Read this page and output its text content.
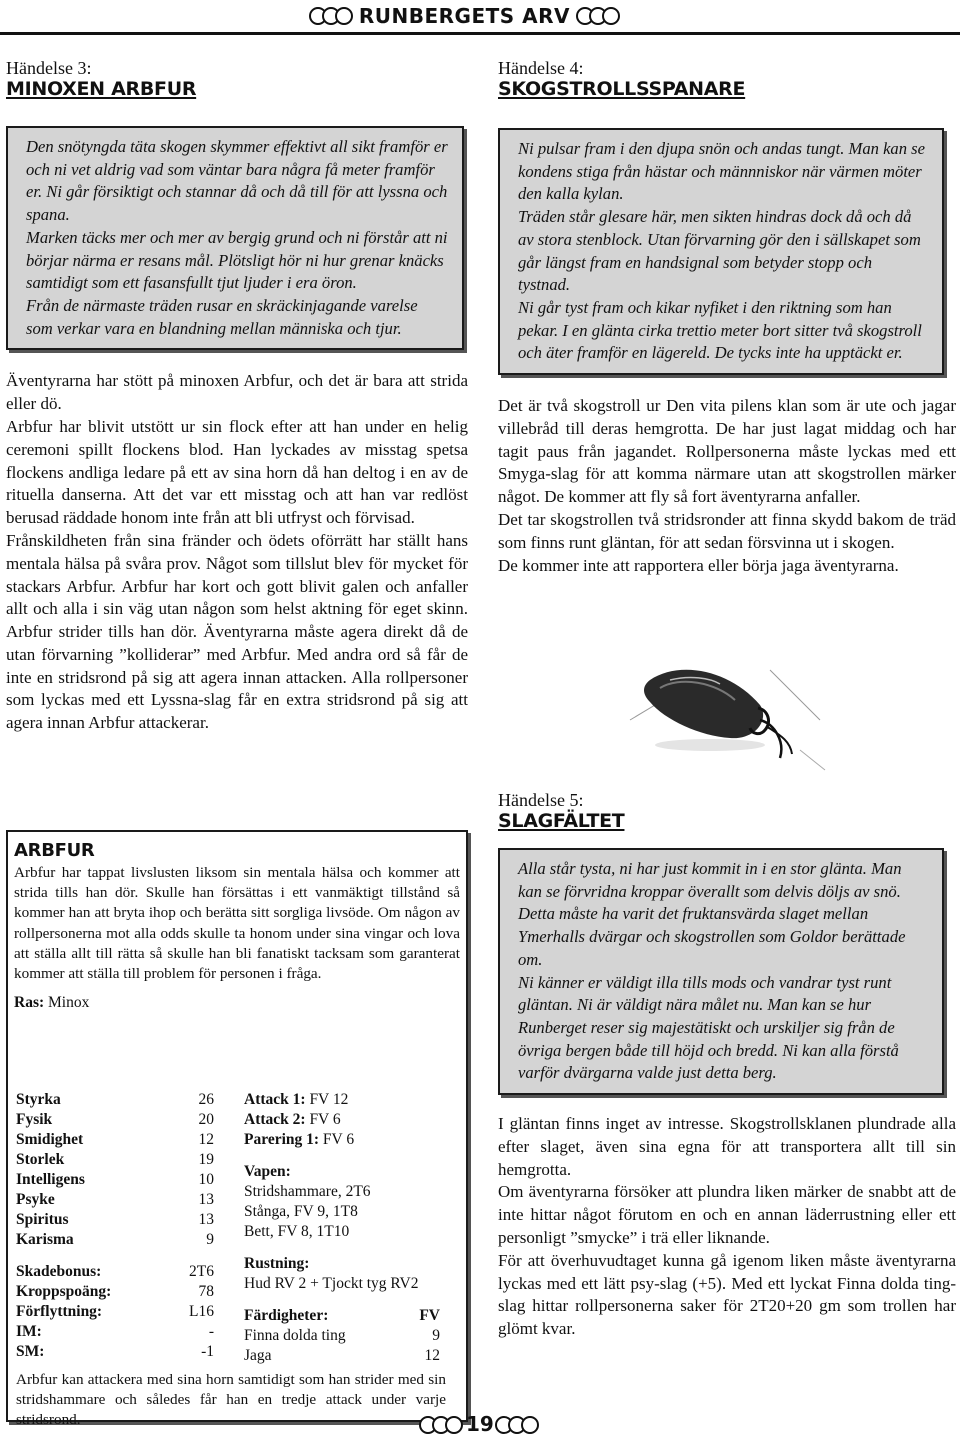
RUNBERGETS ARV
Händelse 3:
MINOXEN ARBFUR

Den snötyngda täta skogen skymmer effektivt all sikt framför er och ni vet aldrig vad som väntar bara några få meter framför er. Ni går försiktigt och stannar då och då till för att lyssna och spana.

Marken täcks mer och mer av bergig grund och ni förstår att ni börjar närma er resans mål. Plötsligt hör ni hur grenar knäcks samtidigt som ett fasansfullt tjut ljuder i era öron.

Från de närmaste träden rusar en skräckinjagande varelse som verkar vara en blandning mellan människa och tjur.

Äventyrarna har stött på minoxen Arbfur, och det är bara att strida eller dö.

Arbfur har blivit utstött ur sin flock efter att han under en helig ceremoni spillt flockens blod. Han lyckades av misstag spetsa flockens andliga ledare på ett av sina horn då han deltog i en av de rituella danserna. Att det var ett misstag och att han var redlöst berusad räddade honom inte från att bli utfryst och förvisad.

Frånskildheten från sina fränder och ödets oförrätt har ställt hans mentala hälsa på svåra prov. Något som tillslut blev för mycket för stackars Arbfur. Arbfur har kort och gott blivit galen och anfaller allt och alla i sin väg utan någon som helst aktning för eget skinn. Arbfur strider tills han dör. Äventyrarna måste agera direkt då de utan förvarning ”kolliderar” med Arbfur. Med andra ord så får de inte en stridsrond på sig att agera innan attacken. Alla rollpersoner som lyckas med ett Lyssna-slag får en extra stridsrond på sig att agera innan Arbfur attackerar.

ARBFUR
Arbfur har tappat livslusten liksom sin mentala hälsa och kommer att strida tills han dör. Skulle han försättas i ett vanmäktigt tillstånd så kommer han att bryta ihop och berätta sitt sorgliga livsöde. Om någon av rollpersonerna mot alla odds skulle ta honom under sina vingar och lova att ställa allt till rätta så skulle han bli fanatiskt tacksam som garanterat kommer att ställa till problem för personen i fråga.
Ras: Minox
Styrka	26
Fysik	20
Smidighet	12
Storlek	19
Intelligens	10
Psyke	13
Spiritus	13
Karisma	9
Skadebonus:	2T6
Kroppspoäng:	78
Förflyttning:	L16
IM:	-
SM:	-1
Attack 1: FV 12
Attack 2: FV 6
Parering 1: FV 6
Vapen:
Stridshammare, 2T6
Stånga, FV 9, 1T8
Bett, FV 8, 1T10
Rustning:
Hud RV 2 + Tjockt tyg RV2
Färdigheter:	FV
Finna dolda ting	9
Jaga	12
Arbfur kan attackera med sina horn samtidigt som han strider med sin stridshammare och således får han en tredje attack under varje stridsrond.
Händelse 4:
SKOGSTROLLSSPANARE

Ni pulsar fram i den djupa snön och andas tungt. Man kan se kondens stiga från hästar och männniskor när värmen möter den kalla kylan.

Träden står glesare här, men sikten hindras dock då och då av stora stenblock. Utan förvarning gör den i sällskapet som går längst fram en handsignal som betyder stopp och tystnad.

Ni går tyst fram och kikar nyfiket i den riktning som han pekar. I en glänta cirka trettio meter bort sitter två skogstroll och äter framför en lägereld. De tycks inte ha upptäckt er.

Det är två skogstroll ur Den vita pilens klan som är ute och jagar villebråd till deras hemgrotta. De har just lagat middag och har tagit paus från jagandet. Rollpersonerna måste lyckas med ett Smyga-slag för att komma närmare utan att skogstrollen märker något. De kommer att fly så fort äventyrarna anfaller.

Det tar skogstrollen två stridsronder att finna skydd bakom de träd som finns runt gläntan, för att sedan försvinna ut i skogen.

De kommer inte att rapportera eller börja jaga äventyrarna.

Händelse 5:
SLAGFÄLTET

Alla står tysta, ni har just kommit in i en stor glänta. Man kan se förvridna kroppar överallt som delvis döljs av snö. Detta måste ha varit det fruktansvärda slaget mellan Ymerhalls dvärgar och skogstrollen som Goldor berättade om.

Ni känner er väldigt illa tills mods och vandrar tyst runt gläntan. Ni är väldigt nära målet nu. Man kan se hur Runberget reser sig majestätiskt och urskiljer sig från de övriga bergen både till höjd och bredd. Ni kan alla förstå varför dvärgarna valde just detta berg.

I gläntan finns inget av intresse. Skogstrollsklanen plundrade alla efter slaget, även sina egna för att transportera allt till sin hemgrotta.

Om äventyrarna försöker att plundra liken märker de snabbt att de inte hittar något förutom en och en annan läderrustning eller ett personligt ”smycke” i trä eller liknande.

För att överhuvudtaget kunna gå igenom liken måste äventyrarna lyckas med ett lätt psy-slag (+5). Med ett lyckat Finna dolda ting-slag hittar rollpersonerna saker för 2T20+20 gm som trollen har glömt kvar.

19
